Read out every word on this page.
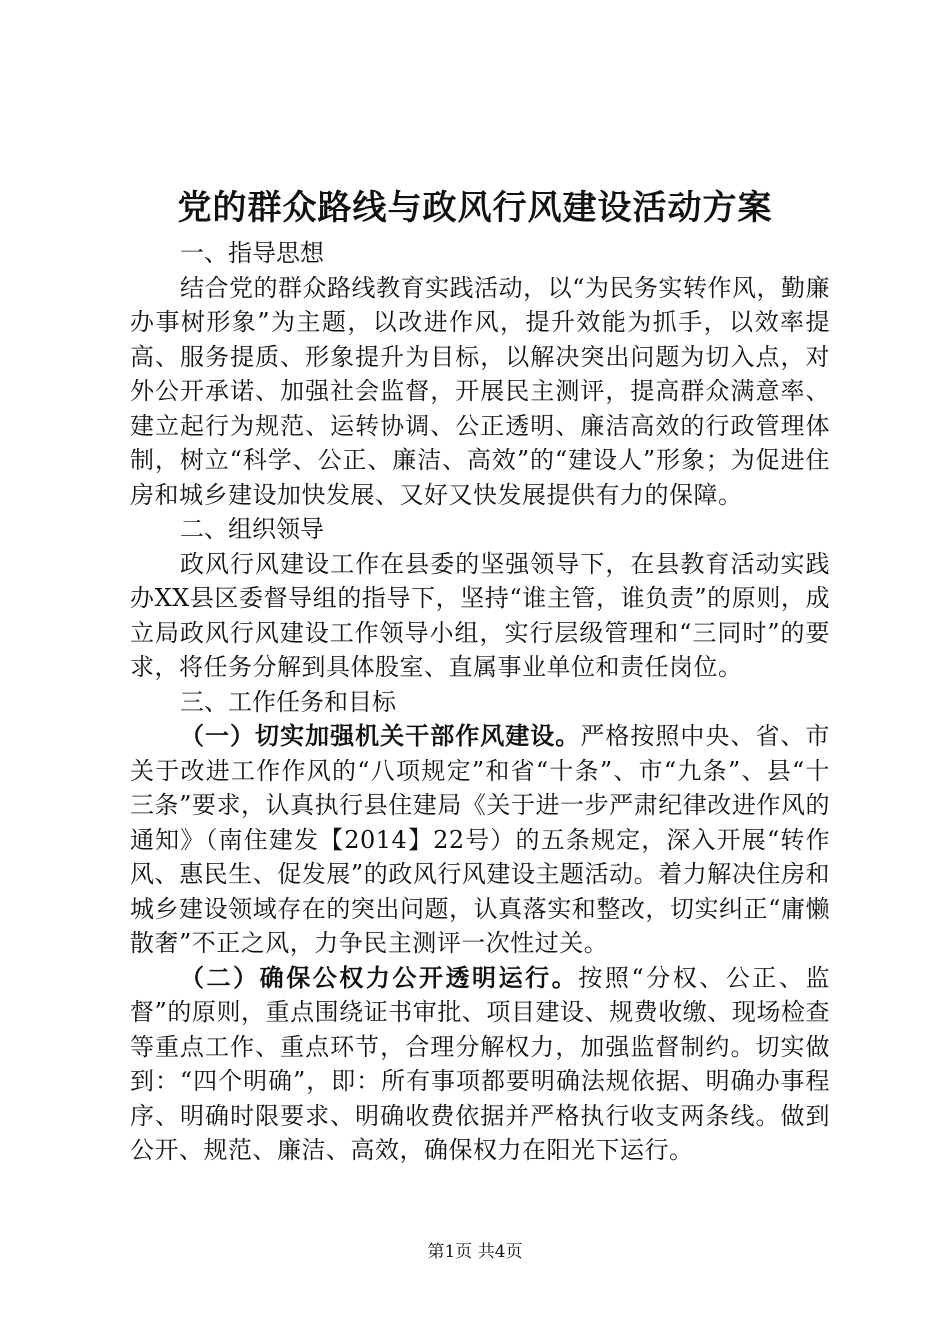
党的群众路线与政风行风建设活动方案

一、指导思想

结合党的群众路线教育实践活动，以“为民务实转作风，勤廉办事树形象”为主题，以改进作风，提升效能为抓手，以效率提高、服务提质、形象提升为目标，以解决突出问题为切入点，对外公开承诺、加强社会监督，开展民主测评，提高群众满意率、建立起行为规范、运转协调、公正透明、廉洁高效的行政管理体制，树立“科学、公正、廉洁、高效”的“建设人”形象；为促进住房和城乡建设加快发展、又好又快发展提供有力的保障。

二、组织领导

政风行风建设工作在县委的坚强领导下，在县教育活动实践办XX县区委督导组的指导下，坚持“谁主管，谁负责”的原则，成立局政风行风建设工作领导小组，实行层级管理和“三同时”的要求，将任务分解到具体股室、直属事业单位和责任岗位。

三、工作任务和目标

（一）切实加强机关干部作风建设。严格按照中央、省、市关于改进工作作风的“八项规定”和省“十条”、市“九条”、县“十三条”要求，认真执行县住建局《关于进一步严肃纪律改进作风的通知》（南住建发【2014】22号）的五条规定，深入开展“转作风、惠民生、促发展”的政风行风建设主题活动。着力解决住房和城乡建设领域存在的突出问题，认真落实和整改，切实纠正“庸懒散奢”不正之风，力争民主测评一次性过关。

（二）确保公权力公开透明运行。按照“分权、公正、监督”的原则，重点围绕证书审批、项目建设、规费收缴、现场检查等重点工作、重点环节，合理分解权力，加强监督制约。切实做到：“四个明确”，即：所有事项都要明确法规依据、明确办事程序、明确时限要求、明确收费依据并严格执行收支两条线。做到公开、规范、廉洁、高效，确保权力在阳光下运行。

第1页 共4页
